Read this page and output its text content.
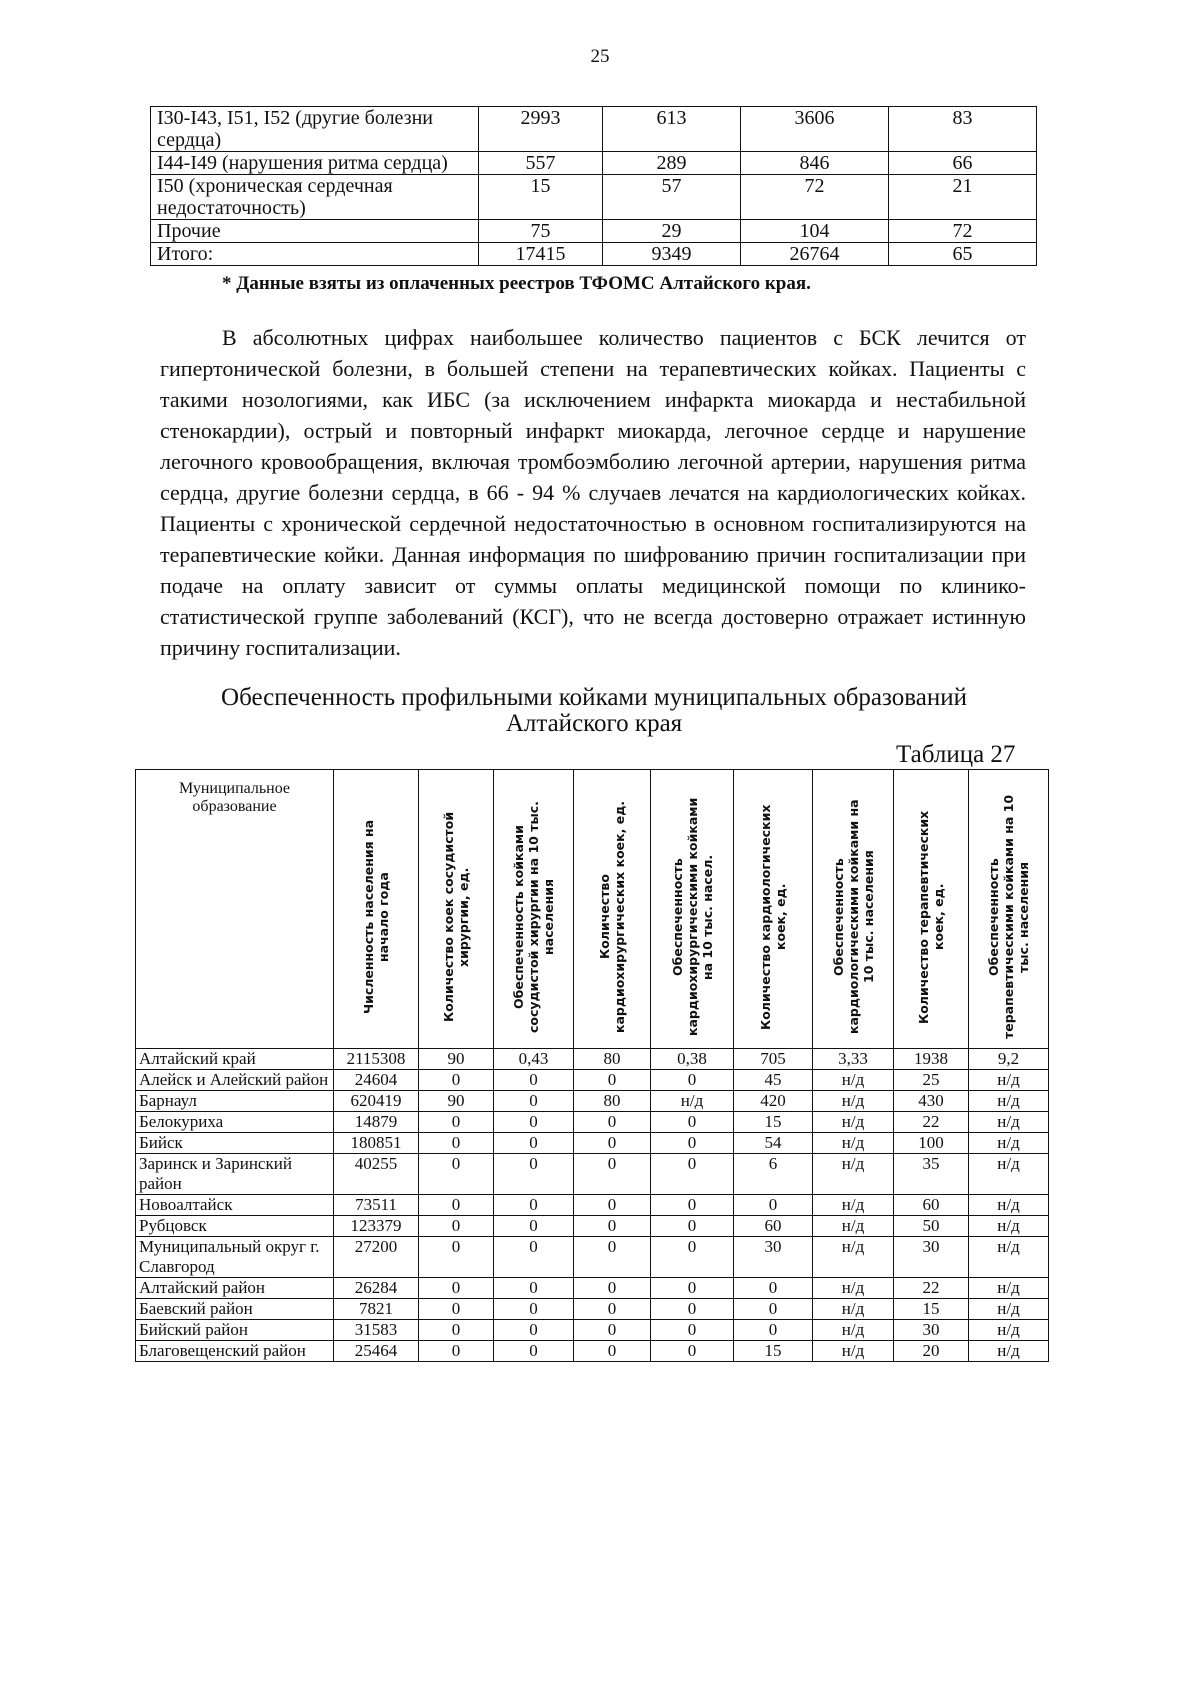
25
I30-I43, I51, I52 (другие болезни сердца)	2993	613	3606	83
I44-I49 (нарушения ритма сердца)	557	289	846	66
I50 (хроническая сердечная недостаточность)	15	57	72	21
Прочие	75	29	104	72
Итого:	17415	9349	26764	65
* Данные взяты из оплаченных реестров ТФОМС Алтайского края.

В абсолютных цифрах наибольшее количество пациентов с БСК лечится от гипертонической болезни, в большей степени на терапевтических койках. Пациенты с такими нозологиями, как ИБС (за исключением инфаркта миокарда и нестабильной стенокардии), острый и повторный инфаркт миокарда, легочное сердце и нарушение легочного кровообращения, включая тромбоэмболию легочной артерии, нарушения ритма сердца, другие болезни сердца, в 66 - 94 % случаев лечатся на кардиологических койках. Пациенты с хронической сердечной недостаточностью в основном госпитализируются на терапевтические койки. Данная информация по шифрованию причин госпитализации при подаче на оплату зависит от суммы оплаты медицинской помощи по клинико-статистической группе заболеваний (КСГ), что не всегда достоверно отражает истинную причину госпитализации.

Обеспеченность профильными койками муниципальных образований
Алтайского края
Таблица 27
Муниципальное образование	Численность населения на начало года	Количество коек сосудистой хирургии, ед.	Обеспеченность койками сосудистой хирургии на 10 тыс. населения	Количество кардиохирургических коек, ед.	Обеспеченность кардиохирургическими койками на 10 тыс. насел.	Количество кардиологических коек, ед.	Обеспеченность кардиологическими койками на 10 тыс. населения	Количество терапевтических коек, ед.	Обеспеченность терапевтическими койками на 10 тыс. населения

Алтайский край	2115308	90	0,43	80	0,38	705	3,33	1938	9,2
Алейск и Алейский район	24604	0	0	0	0	45	н/д	25	н/д
Барнаул	620419	90	0	80	н/д	420	н/д	430	н/д
Белокуриха	14879	0	0	0	0	15	н/д	22	н/д
Бийск	180851	0	0	0	0	54	н/д	100	н/д
Заринск и Заринский район	40255	0	0	0	0	6	н/д	35	н/д
Новоалтайск	73511	0	0	0	0	0	н/д	60	н/д
Рубцовск	123379	0	0	0	0	60	н/д	50	н/д
Муниципальный округ г. Славгород	27200	0	0	0	0	30	н/д	30	н/д
Алтайский район	26284	0	0	0	0	0	н/д	22	н/д
Баевский район	7821	0	0	0	0	0	н/д	15	н/д
Бийский район	31583	0	0	0	0	0	н/д	30	н/д
Благовещенский район	25464	0	0	0	0	15	н/д	20	н/д
